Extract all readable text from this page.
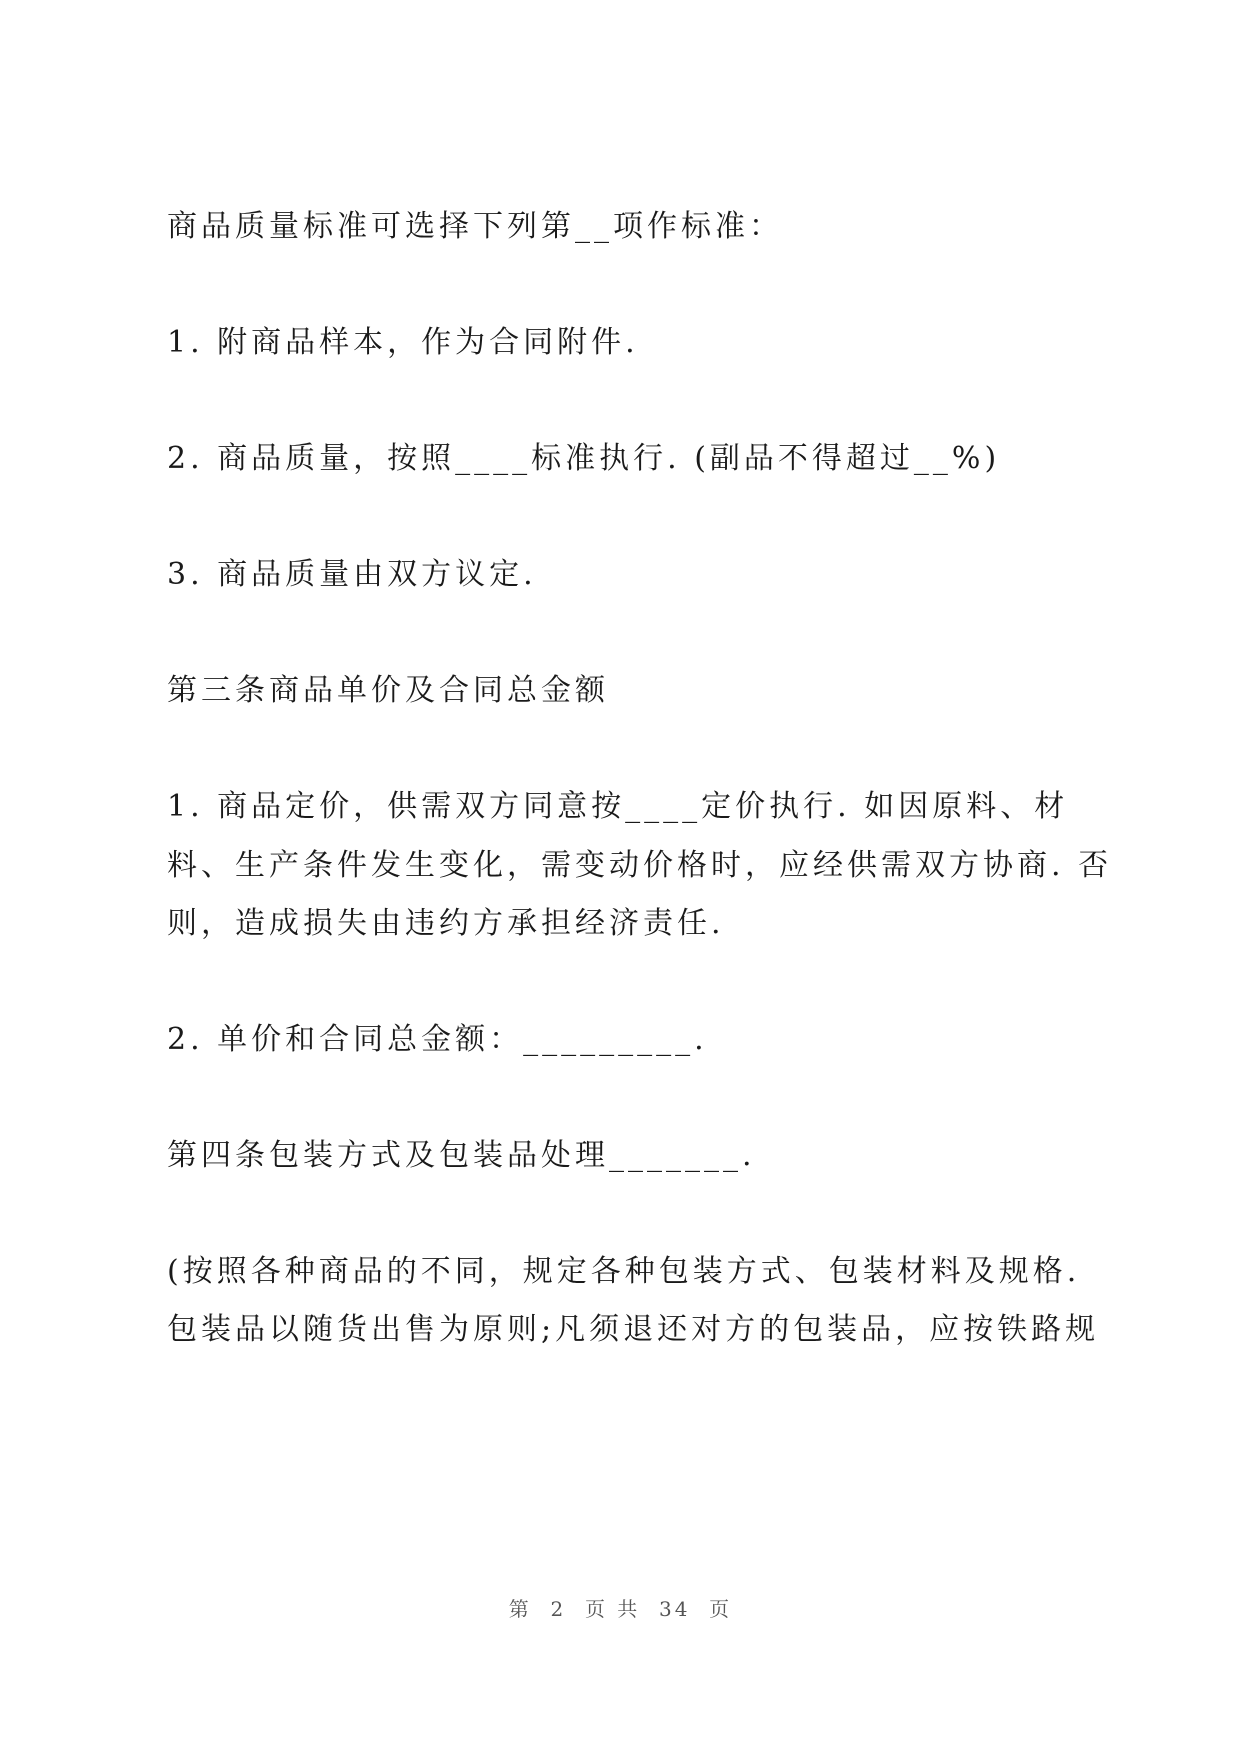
商品质量标准可选择下列第__项作标准：
1. 附商品样本，作为合同附件.
2. 商品质量，按照____标准执行. (副品不得超过__%)
3. 商品质量由双方议定.
第三条商品单价及合同总金额
1. 商品定价，供需双方同意按____定价执行. 如因原料、材
料、生产条件发生变化，需变动价格时，应经供需双方协商. 否
则，造成损失由违约方承担经济责任.
2. 单价和合同总金额：_________.
第四条包装方式及包装品处理_______.
(按照各种商品的不同，规定各种包装方式、包装材料及规格.
包装品以随货出售为原则;凡须退还对方的包装品，应按铁路规
第  2  页 共  34  页
